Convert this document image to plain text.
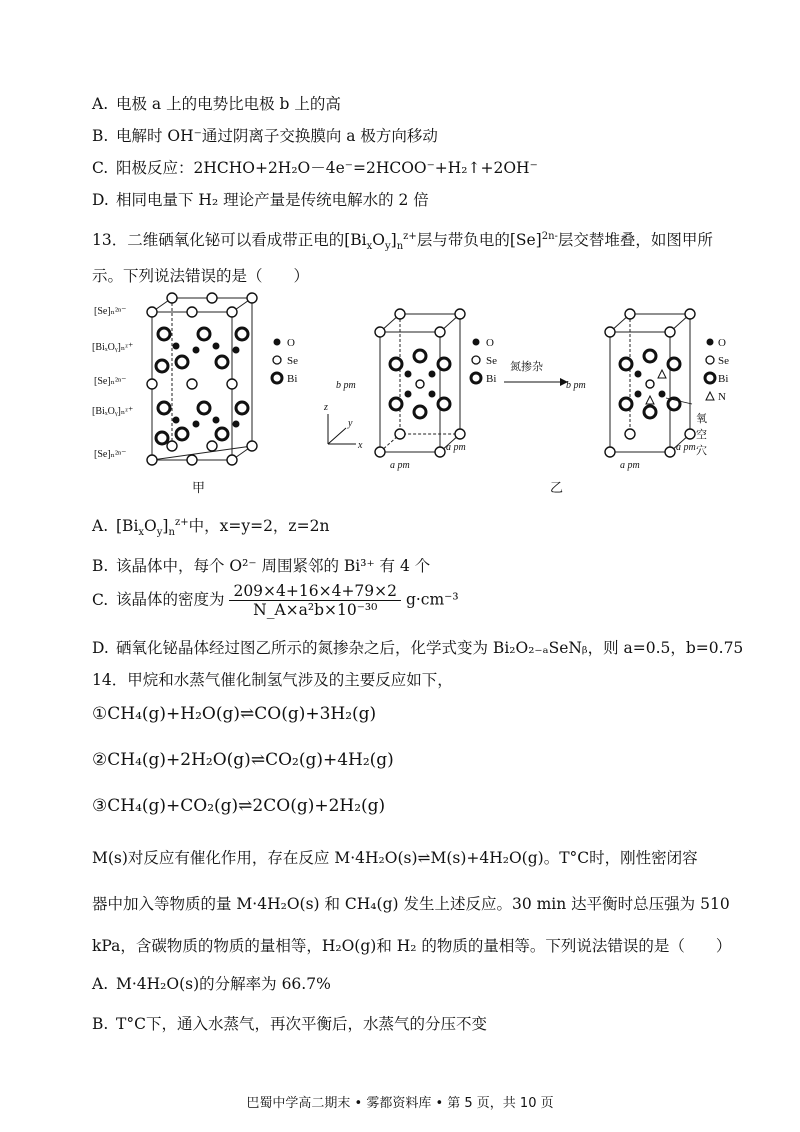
A. 电极 a 上的电势比电极 b 上的高
B. 电解时 OH⁻通过阴离子交换膜向 a 极方向移动
C. 阳极反应：2HCHO+2H₂O－4e⁻=2HCOO⁻+H₂↑+2OH⁻
D. 相同电量下 H₂ 理论产量是传统电解水的 2 倍
13．二维硒氧化铋可以看成带正电的$[Bi_xO_y]_n^{z+}$层与带负电的$[Se]^{2n-}$层交替堆叠，如图甲所
示。下列说法错误的是（　　）
[Se]ₙ²ⁿ⁻
[BiₓOᵧ]ₙᶻ⁺
[Se]ₙ²ⁿ⁻
[BiₓOᵧ]ₙᶻ⁺
[Se]ₙ²ⁿ⁻
O
Se
Bi
甲
z
x
y
b pm
a pm
a pm
O
Se
Bi
氮掺杂
b pm
a pm
a pm
O
Se
Bi
N
氧
空
穴
乙
A. $[Bi_xO_y]_n^{z+}$中，x=y=2，z=2n
B. 该晶体中，每个 O²⁻ 周围紧邻的 Bi³⁺ 有 4 个
C. 该晶体的密度为 $\frac{209\times 4+16\times 4+79\times 2}{\text{N\_A×a²b×10⁻³⁰}} g\cdot cm^{-3}$
D. 硒氧化铋晶体经过图乙所示的氮掺杂之后，化学式变为 Bi₂O₂₋ₐSeNᵦ，则 a=0.5，b=0.75
14．甲烷和水蒸气催化制氢气涉及的主要反应如下，
①CH₄(g)+H₂O(g)⇌CO(g)+3H₂(g)
②CH₄(g)+2H₂O(g)⇌CO₂(g)+4H₂(g)
③CH₄(g)+CO₂(g)⇌2CO(g)+2H₂(g)
M(s)对反应有催化作用，存在反应 M·4H₂O(s)⇌M(s)+4H₂O(g)。T°C时，刚性密闭容
器中加入等物质的量 M·4H₂O(s) 和 CH₄(g) 发生上述反应。30 min 达平衡时总压强为 510
kPa，含碳物质的物质的量相等，H₂O(g)和 H₂ 的物质的量相等。下列说法错误的是（　　）
A. M·4H₂O(s)的分解率为 66.7%
B. T°C下，通入水蒸气，再次平衡后，水蒸气的分压不变
巴蜀中学高二期末 • 雾都资料库 • 第 5 页，共 10 页
